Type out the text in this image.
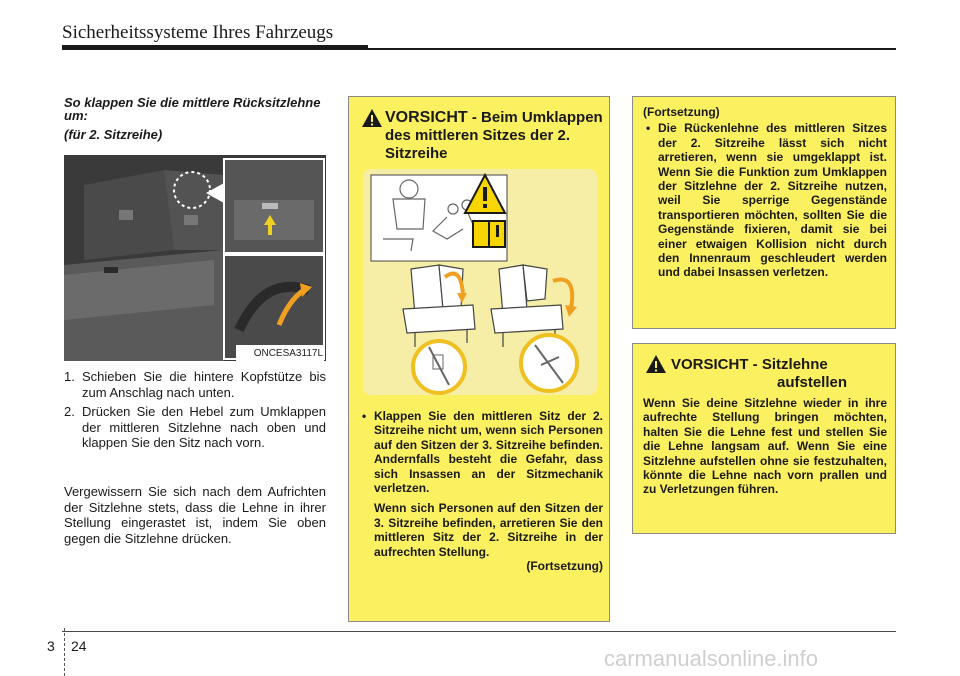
Sicherheitssysteme Ihres Fahrzeugs

So klappen Sie die mittlere Rücksitzlehne um:

(für 2. Sitzreihe)

ONCESA3117L
1. Schieben Sie die hintere Kopfstütze bis zum Anschlag nach unten.
2. Drücken Sie den Hebel zum Umklappen der mittleren Sitzlehne nach oben und klappen Sie den Sitz nach vorn.

Vergewissern Sie sich nach dem Aufrichten der Sitzlehne stets, dass die Lehne in ihrer Stellung eingerastet ist, indem Sie oben gegen die Sitzlehne drücken.

VORSICHT - Beim Umklappen des mittleren Sitzes der 2. Sitzreihe
• Klappen Sie den mittleren Sitz der 2. Sitzreihe nicht um, wenn sich Personen auf den Sitzen der 3. Sitzreihe befinden. Andernfalls besteht die Gefahr, dass sich Insassen an der Sitzmechanik verletzen.

Wenn sich Personen auf den Sitzen der 3. Sitzreihe befinden, arretieren Sie den mittleren Sitz der 2. Sitzreihe in der aufrechten Stellung.

(Fortsetzung)

(Fortsetzung)

• Die Rückenlehne des mittleren Sitzes der 2. Sitzreihe lässt sich nicht arretieren, wenn sie umgeklappt ist. Wenn Sie die Funktion zum Umklappen der Sitzlehne der 2. Sitzreihe nutzen, weil Sie sperrige Gegenstände transportieren möchten, sollten Sie die Gegenstände fixieren, damit sie bei einer etwaigen Kollision nicht durch den Innenraum geschleudert werden und dabei Insassen verletzen.
VORSICHT - Sitzlehne
aufstellen

Wenn Sie deine Sitzlehne wieder in ihre aufrechte Stellung bringen möchten, halten Sie die Lehne fest und stellen Sie die Lehne langsam auf. Wenn Sie eine Sitzlehne aufstellen ohne sie festzuhalten, könnte die Lehne nach vorn prallen und zu Verletzungen führen.

3 24	carmanualsonline.info
